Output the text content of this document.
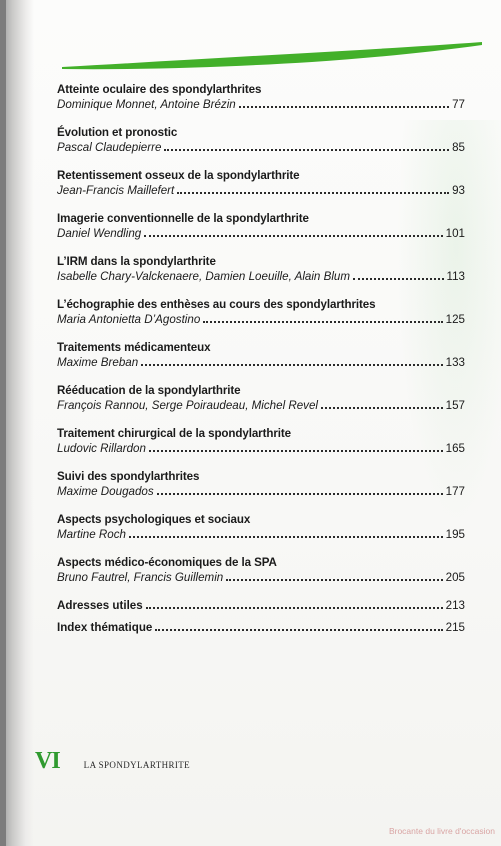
Atteinte oculaire des spondylarthrites
Dominique Monnet, Antoine Brézin	77
Évolution et pronostic
Pascal Claudepierre	85
Retentissement osseux de la spondylarthrite
Jean-Francis Maillefert	93
Imagerie conventionnelle de la spondylarthrite
Daniel Wendling	101
L’IRM dans la spondylarthrite
Isabelle Chary-Valckenaere, Damien Loeuille, Alain Blum	113
L’échographie des enthèses au cours des spondylarthrites
Maria Antonietta D’Agostino	125
Traitements médicamenteux
Maxime Breban	133
Rééducation de la spondylarthrite
François Rannou, Serge Poiraudeau, Michel Revel	157
Traitement chirurgical de la spondylarthrite
Ludovic Rillardon	165
Suivi des spondylarthrites
Maxime Dougados	177
Aspects psychologiques et sociaux
Martine Roch	195
Aspects médico-économiques de la SPA
Bruno Fautrel, Francis Guillemin	205
Adresses utiles	213
Index thématique	215
VI	LA SPONDYLARTHRITE
Brocante du livre d'occasion
